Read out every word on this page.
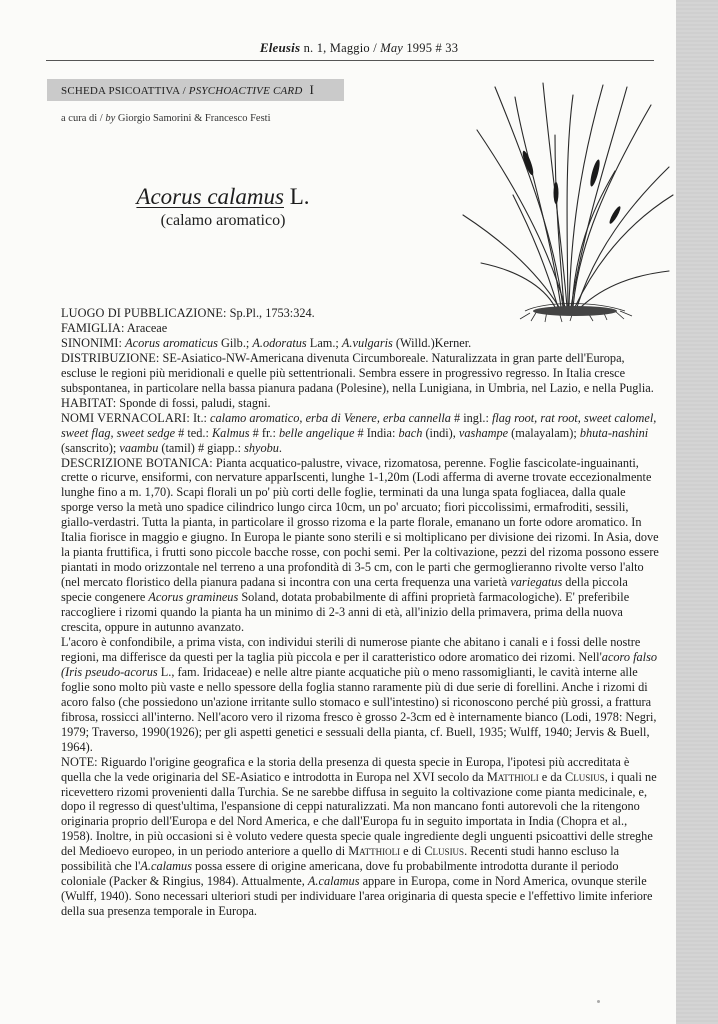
Eleusis n. 1, Maggio / May 1995 # 33
SCHEDA PSICOATTIVA / PSYCHOACTIVE CARD I
a cura di / by Giorgio Samorini & Francesco Festi
Acorus calamus L.
(calamo aromatico)

LUOGO DI PUBBLICAZIONE: Sp.Pl., 1753:324.

FAMIGLIA: Araceae

SINONIMI: Acorus aromaticus Gilb.; A.odoratus Lam.; A.vulgaris (Willd.)Kerner.

DISTRIBUZIONE: SE-Asiatico-NW-Americana divenuta Circumboreale. Naturalizzata in gran parte dell'Europa, escluse le regioni più meridionali e quelle più settentrionali. Sembra essere in progressivo regresso. In Italia cresce subspontanea, in particolare nella bassa pianura padana (Polesine), nella Lunigiana, in Umbria, nel Lazio, e nella Puglia.

HABITAT: Sponde di fossi, paludi, stagni.

NOMI VERNACOLARI: It.: calamo aromatico, erba di Venere, erba cannella # ingl.: flag root, rat root, sweet calomel, sweet flag, sweet sedge # ted.: Kalmus # fr.: belle angelique # India: bach (indi), vashampe (malayalam); bhuta-nashini (sanscrito); vaambu (tamil) # giapp.: shyobu.

DESCRIZIONE BOTANICA: Pianta acquatico-palustre, vivace, rizomatosa, perenne. Foglie fascicolate-inguainanti, crette o ricurve, ensiformi, con nervature apparIscenti, lunghe 1-1,20m (Lodi afferma di averne trovate eccezionalmente lunghe fino a m. 1,70). Scapi florali un po' più corti delle foglie, terminati da una lunga spata fogliacea, dalla quale sporge verso la metà uno spadice cilindrico lungo circa 10cm, un po' arcuato; fiori piccolissimi, ermafroditi, sessili, giallo-verdastri. Tutta la pianta, in particolare il grosso rizoma e la parte florale, emanano un forte odore aromatico. In Italia fiorisce in maggio e giugno. In Europa le piante sono sterili e si moltiplicano per divisione dei rizomi. In Asia, dove la pianta fruttifica, i frutti sono piccole bacche rosse, con pochi semi. Per la coltivazione, pezzi del rizoma possono essere piantati in modo orizzontale nel terreno a una profondità di 3-5 cm, con le parti che germoglieranno rivolte verso l'alto (nel mercato floristico della pianura padana si incontra con una certa frequenza una varietà variegatus della piccola specie congenere Acorus gramineus Soland, dotata probabilmente di affini proprietà farmacologiche). E' preferibile raccogliere i rizomi quando la pianta ha un minimo di 2-3 anni di età, all'inizio della primavera, prima della nuova crescita, oppure in autunno avanzato.

L'acoro è confondibile, a prima vista, con individui sterili di numerose piante che abitano i canali e i fossi delle nostre regioni, ma differisce da questi per la taglia più piccola e per il caratteristico odore aromatico dei rizomi. Nell'acoro falso (Iris pseudo-acorus L., fam. Iridaceae) e nelle altre piante acquatiche più o meno rassomiglianti, le cavità interne alle foglie sono molto più vaste e nello spessore della foglia stanno raramente più di due serie di forellini. Anche i rizomi di acoro falso (che possiedono un'azione irritante sullo stomaco e sull'intestino) si riconoscono perché più grossi, a frattura fibrosa, rossicci all'interno. Nell'acoro vero il rizoma fresco è grosso 2-3cm ed è internamente bianco (Lodi, 1978: Negri, 1979; Traverso, 1990(1926); per gli aspetti genetici e sessuali della pianta, cf. Buell, 1935; Wulff, 1940; Jervis & Buell, 1964).

NOTE: Riguardo l'origine geografica e la storia della presenza di questa specie in Europa, l'ipotesi più accreditata è quella che la vede originaria del SE-Asiatico e introdotta in Europa nel XVI secolo da Matthioli e da Clusius, i quali ne ricevettero rizomi provenienti dalla Turchia. Se ne sarebbe diffusa in seguito la coltivazione come pianta medicinale, e, dopo il regresso di quest'ultima, l'espansione di ceppi naturalizzati. Ma non mancano fonti autorevoli che la ritengono originaria proprio dell'Europa e del Nord America, e che dall'Europa fu in seguito importata in India (Chopra et al., 1958). Inoltre, in più occasioni si è voluto vedere questa specie quale ingrediente degli unguenti psicoattivi delle streghe del Medioevo europeo, in un periodo anteriore a quello di Matthioli e di Clusius. Recenti studi hanno escluso la possibilità che l'A.calamus possa essere di origine americana, dove fu probabilmente introdotta durante il periodo coloniale (Packer & Ringius, 1984). Attualmente, A.calamus appare in Europa, come in Nord America, ovunque sterile (Wulff, 1940). Sono necessari ulteriori studi per individuare l'area originaria di questa specie e l'effettivo limite inferiore della sua presenza temporale in Europa.
